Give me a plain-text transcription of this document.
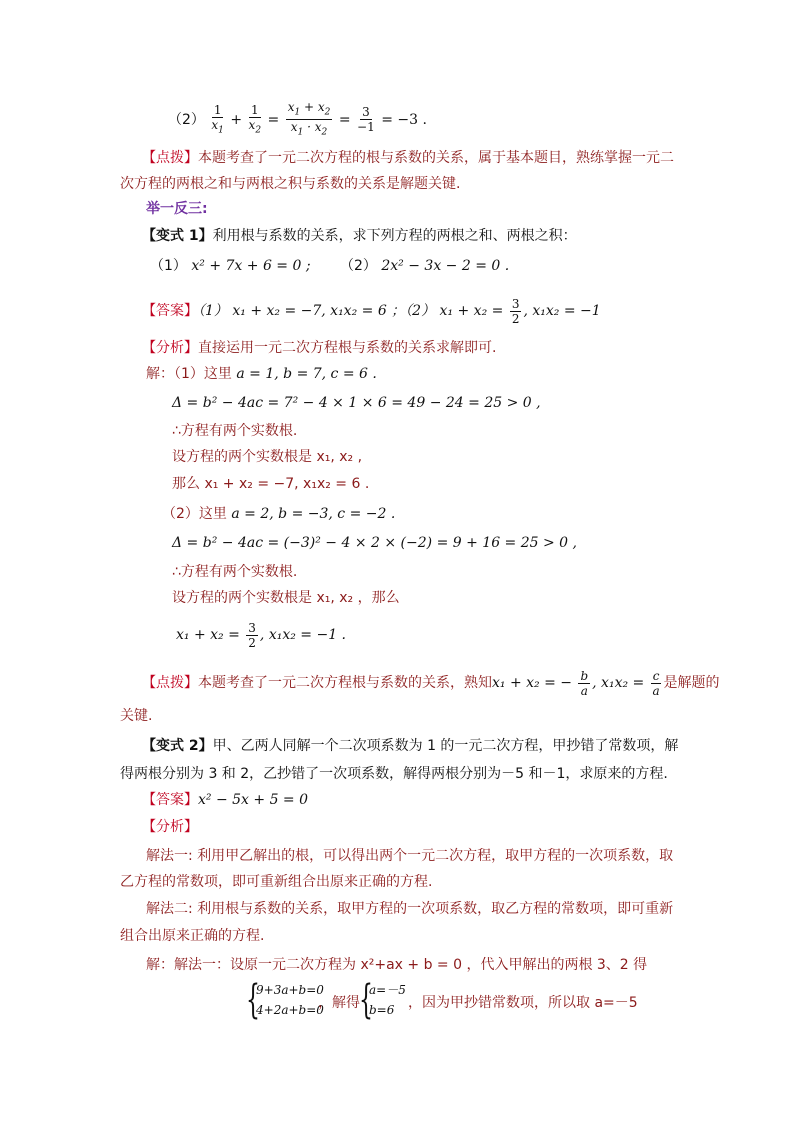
$(2) \frac{1}{x_1} + \frac{1}{x_2} = \frac{x_1 + x_2}{x_1 \cdot x_2} = \frac{3}{-1} = -3$ .
【点拨】本题考查了一元二次方程的根与系数的关系，属于基本题目，熟练掌握一元二
次方程的两根之和与两根之积与系数的关系是解题关键.
举一反三:
【变式 1】利用根与系数的关系，求下列方程的两根之和、两根之积：
（1） x² + 7x + 6 = 0 ; （2） 2x² − 3x − 2 = 0 .
【答案】（1） x₁ + x₂ = −7, x₁x₂ = 6 ；（2） $x_1 + x_2 = \frac{3}{2}$ , x₁x₂ = −1
【分析】直接运用一元二次方程根与系数的关系求解即可.
解：（1）这里 a = 1, b = 7, c = 6 .
Δ = b² − 4ac = 7² − 4 × 1 × 6 = 49 − 24 = 25 > 0 ,
∴方程有两个实数根.
设方程的两个实数根是 x₁, x₂ ,
那么 x₁ + x₂ = −7, x₁x₂ = 6 .
（2）这里 a = 2, b = −3, c = −2 .
Δ = b² − 4ac = (−3)² − 4 × 2 × (−2) = 9 + 16 = 25 > 0 ,
∴方程有两个实数根.
设方程的两个实数根是 x₁, x₂ ，那么
$x_1 + x_2 = \frac{3}{2}$ , x₁x₂ = −1 .
【点拨】本题考查了一元二次方程根与系数的关系，熟知x₁ + x₂ = − $\frac{b}{a}$ , $x_1x_2 = \frac{c}{a}$ 是解题的
关键.
【变式 2】甲、乙两人同解一个二次项系数为 1 的一元二次方程，甲抄错了常数项，解
得两根分别为 3 和 2，乙抄错了一次项系数，解得两根分别为－5 和－1，求原来的方程.
【答案】x² − 5x + 5 = 0
【分析】
解法一: 利用甲乙解出的根，可以得出两个一元二次方程，取甲方程的一次项系数，取
乙方程的常数项，即可重新组合出原来正确的方程.
解法二: 利用根与系数的关系，取甲方程的一次项系数，取乙方程的常数项，即可重新
组合出原来正确的方程.
解：解法一：设原一元二次方程为 x²+ax + b = 0 ，代入甲解出的两根 3、2 得
{
9+3a+b=0
4+2a+b=0
，解得 {
a=－5
b=6 ，因为甲抄错常数项，所以取 a=－5
